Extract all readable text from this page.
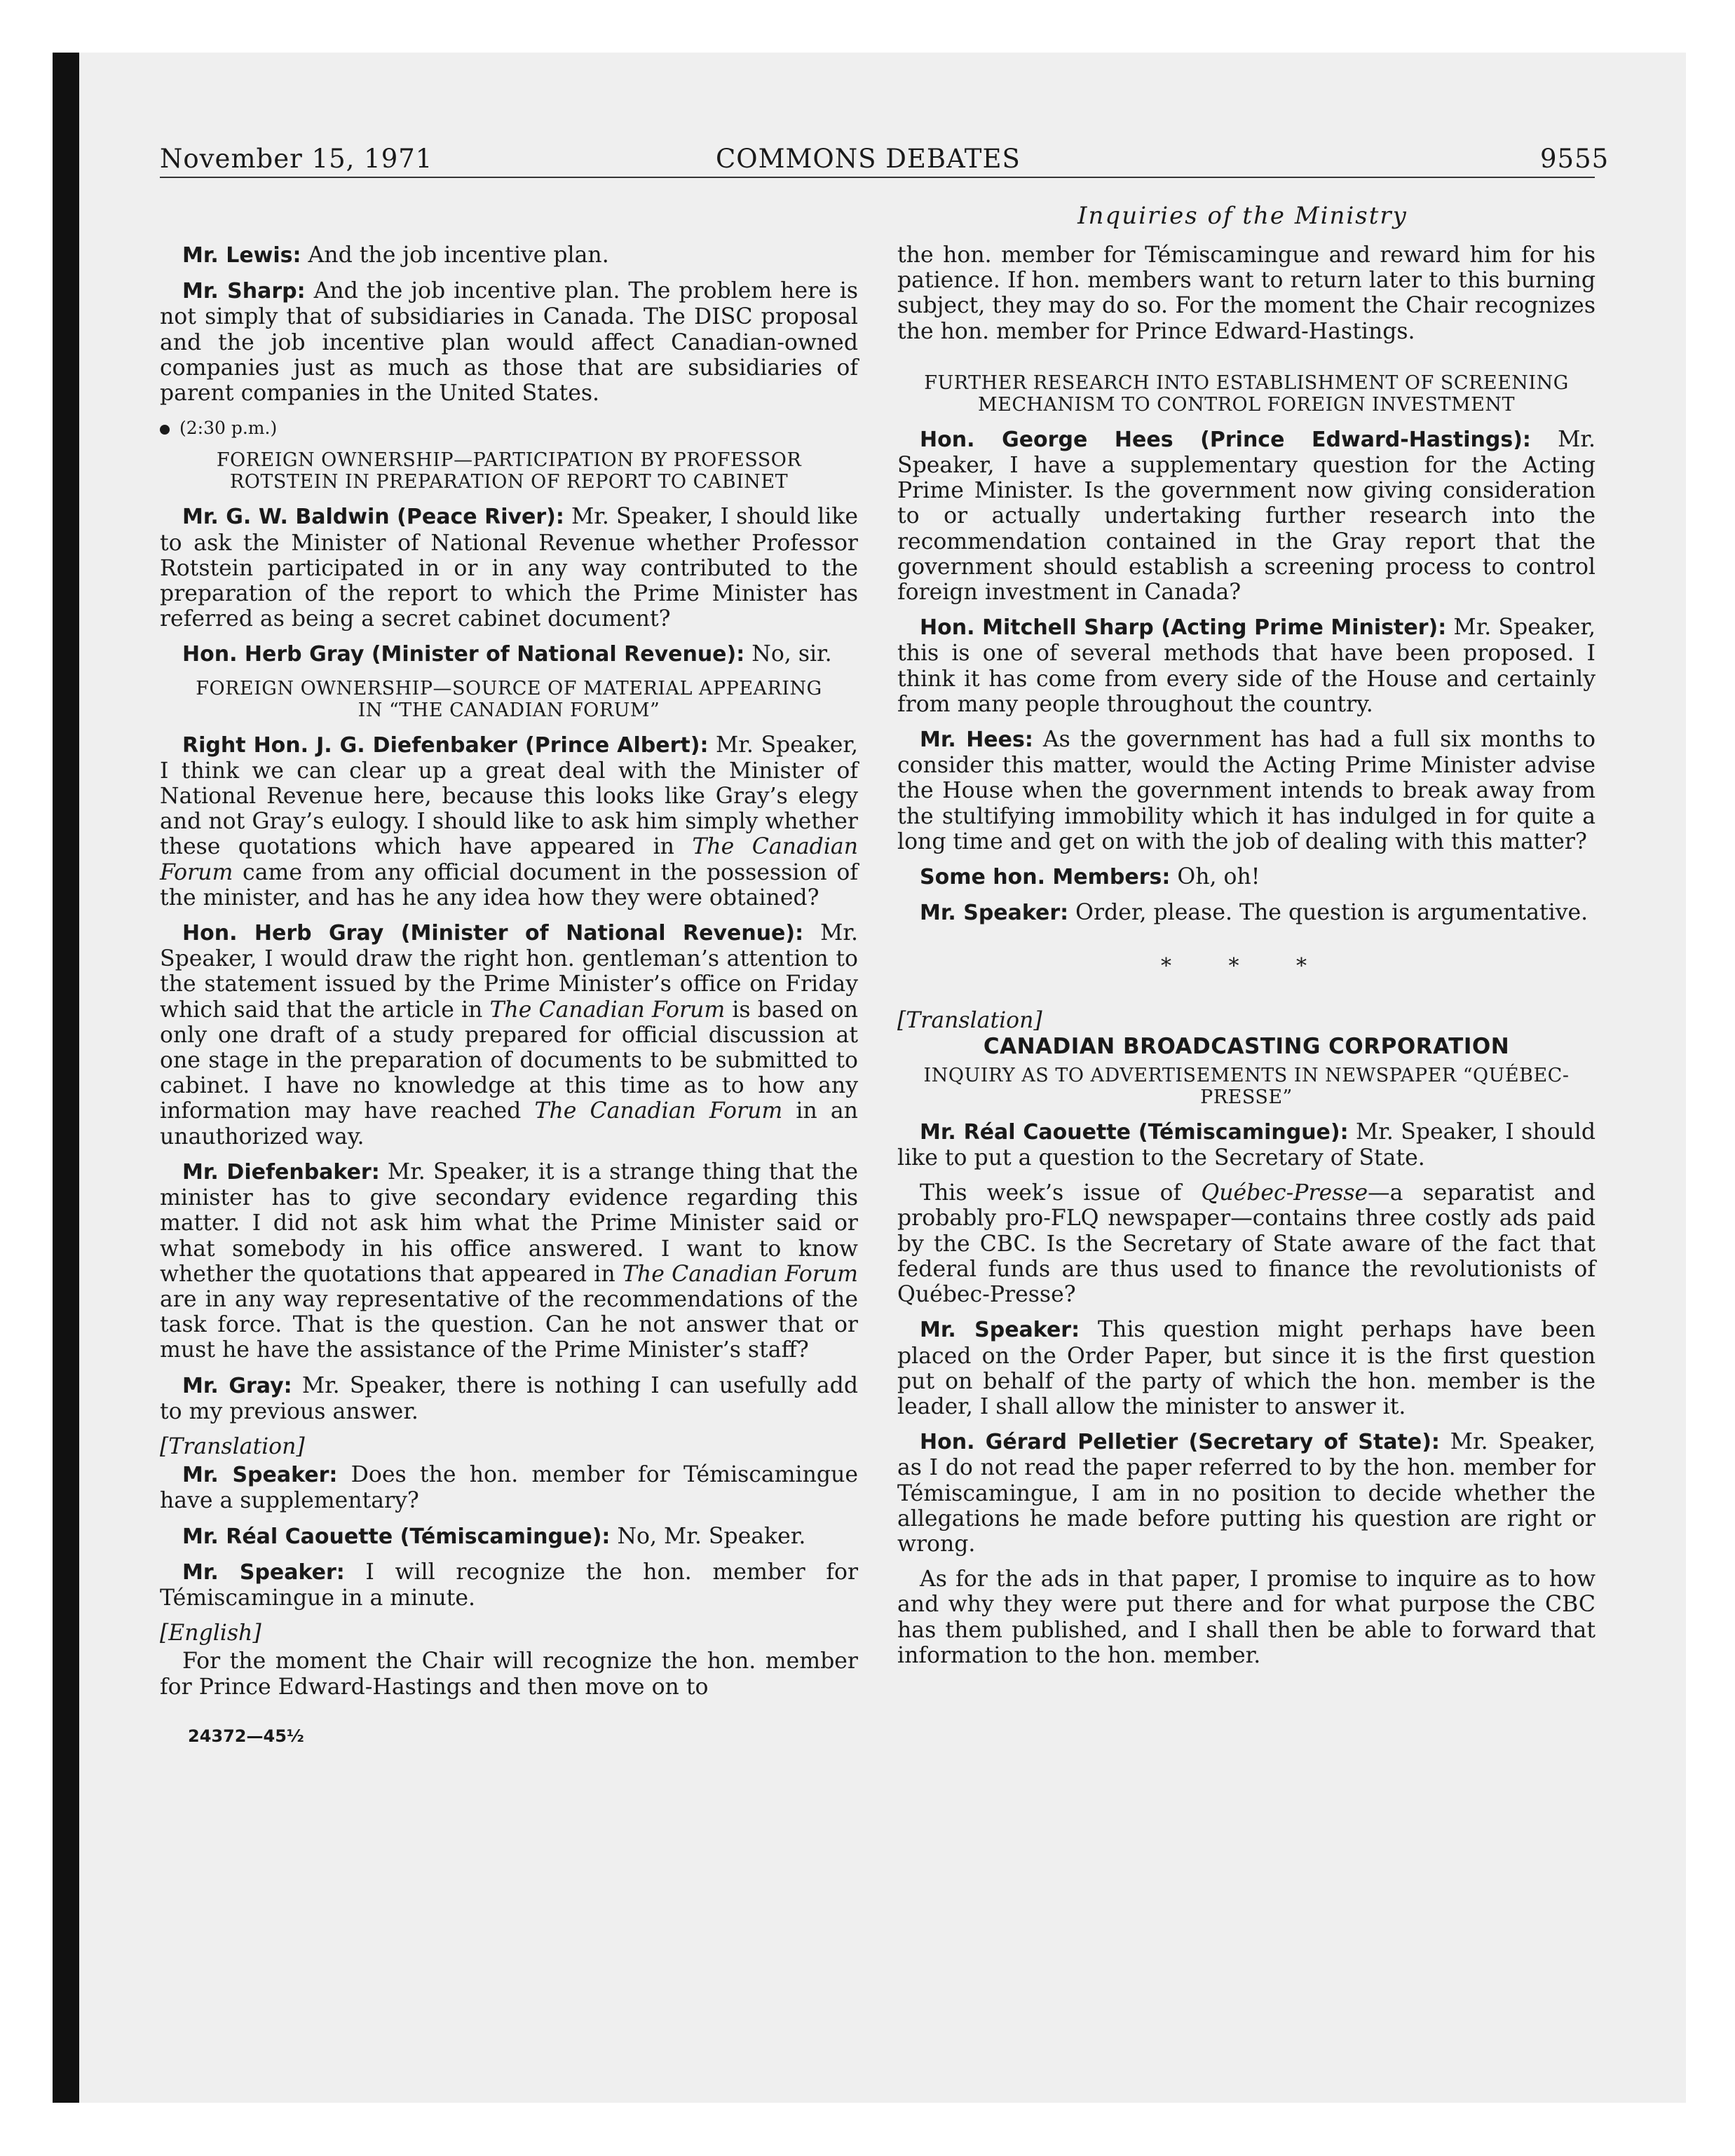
November 15, 1971	COMMONS DEBATES	9555
Inquiries of the Ministry

Mr. Lewis: And the job incentive plan.

Mr. Sharp: And the job incentive plan. The problem here is not simply that of subsidiaries in Canada. The DISC proposal and the job incentive plan would affect Canadian-owned companies just as much as those that are subsidiaries of parent companies in the United States.

(2:30 p.m.)

FOREIGN OWNERSHIP—PARTICIPATION BY PROFESSOR ROTSTEIN IN PREPARATION OF REPORT TO CABINET

Mr. G. W. Baldwin (Peace River): Mr. Speaker, I should like to ask the Minister of National Revenue whether Professor Rotstein participated in or in any way contributed to the preparation of the report to which the Prime Minister has referred as being a secret cabinet document?

Hon. Herb Gray (Minister of National Revenue): No, sir.

FOREIGN OWNERSHIP—SOURCE OF MATERIAL APPEARING IN “THE CANADIAN FORUM”

Right Hon. J. G. Diefenbaker (Prince Albert): Mr. Speaker, I think we can clear up a great deal with the Minister of National Revenue here, because this looks like Gray’s elegy and not Gray’s eulogy. I should like to ask him simply whether these quotations which have appeared in The Canadian Forum came from any official document in the possession of the minister, and has he any idea how they were obtained?

Hon. Herb Gray (Minister of National Revenue): Mr. Speaker, I would draw the right hon. gentleman’s attention to the statement issued by the Prime Minister’s office on Friday which said that the article in The Canadian Forum is based on only one draft of a study prepared for official discussion at one stage in the preparation of documents to be submitted to cabinet. I have no knowledge at this time as to how any information may have reached The Canadian Forum in an unauthorized way.

Mr. Diefenbaker: Mr. Speaker, it is a strange thing that the minister has to give secondary evidence regarding this matter. I did not ask him what the Prime Minister said or what somebody in his office answered. I want to know whether the quotations that appeared in The Canadian Forum are in any way representative of the recommendations of the task force. That is the question. Can he not answer that or must he have the assistance of the Prime Minister’s staff?

Mr. Gray: Mr. Speaker, there is nothing I can usefully add to my previous answer.

[Translation]

Mr. Speaker: Does the hon. member for Témiscamingue have a supplementary?

Mr. Réal Caouette (Témiscamingue): No, Mr. Speaker.

Mr. Speaker: I will recognize the hon. member for Témiscamingue in a minute.

[English]

For the moment the Chair will recognize the hon. member for Prince Edward-Hastings and then move on to

24372—45½

the hon. member for Témiscamingue and reward him for his patience. If hon. members want to return later to this burning subject, they may do so. For the moment the Chair recognizes the hon. member for Prince Edward-Hastings.

FURTHER RESEARCH INTO ESTABLISHMENT OF SCREENING MECHANISM TO CONTROL FOREIGN INVESTMENT

Hon. George Hees (Prince Edward-Hastings): Mr. Speaker, I have a supplementary question for the Acting Prime Minister. Is the government now giving consideration to or actually undertaking further research into the recommendation contained in the Gray report that the government should establish a screening process to control foreign investment in Canada?

Hon. Mitchell Sharp (Acting Prime Minister): Mr. Speaker, this is one of several methods that have been proposed. I think it has come from every side of the House and certainly from many people throughout the country.

Mr. Hees: As the government has had a full six months to consider this matter, would the Acting Prime Minister advise the House when the government intends to break away from the stultifying immobility which it has indulged in for quite a long time and get on with the job of dealing with this matter?

Some hon. Members: Oh, oh!

Mr. Speaker: Order, please. The question is argumentative.

* * *

[Translation]

CANADIAN BROADCASTING CORPORATION
INQUIRY AS TO ADVERTISEMENTS IN NEWSPAPER “QUÉBEC-PRESSE”

Mr. Réal Caouette (Témiscamingue): Mr. Speaker, I should like to put a question to the Secretary of State.

This week’s issue of Québec-Presse—a separatist and probably pro-FLQ newspaper—contains three costly ads paid by the CBC. Is the Secretary of State aware of the fact that federal funds are thus used to finance the revolutionists of Québec-Presse?

Mr. Speaker: This question might perhaps have been placed on the Order Paper, but since it is the first question put on behalf of the party of which the hon. member is the leader, I shall allow the minister to answer it.

Hon. Gérard Pelletier (Secretary of State): Mr. Speaker, as I do not read the paper referred to by the hon. member for Témiscamingue, I am in no position to decide whether the allegations he made before putting his question are right or wrong.

As for the ads in that paper, I promise to inquire as to how and why they were put there and for what purpose the CBC has them published, and I shall then be able to forward that information to the hon. member.
